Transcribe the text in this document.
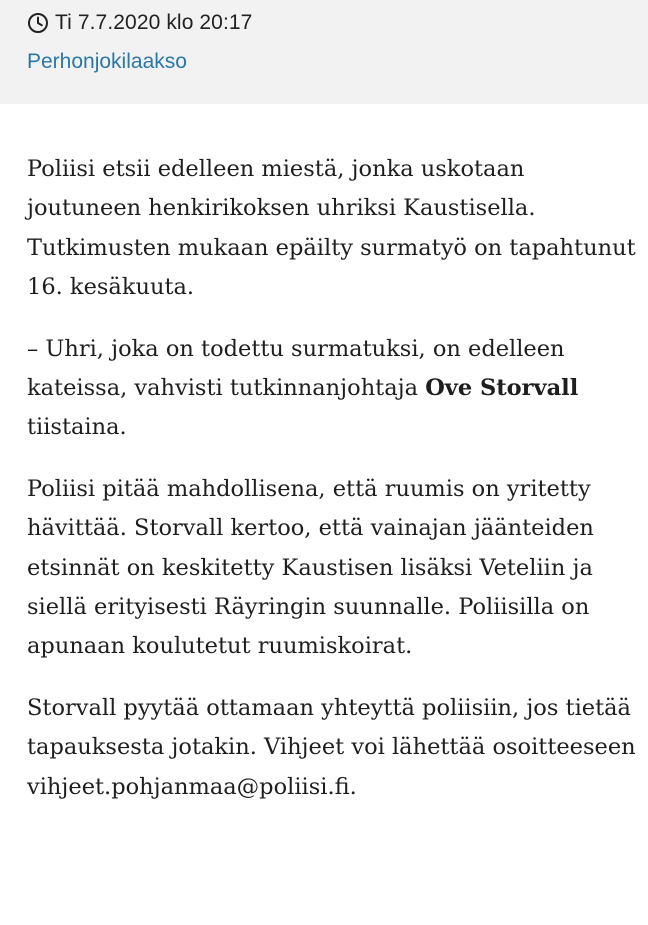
Ti 7.7.2020 klo 20:17
Perhonjokilaakso

Poliisi etsii edelleen miestä, jonka uskotaan joutuneen henkirikoksen uhriksi Kaustisella. Tutkimusten mukaan epäilty surmatyö on tapahtunut 16. kesäkuuta.

– Uhri, joka on todettu surmatuksi, on edelleen kateissa, vahvisti tutkinnanjohtaja Ove Storvall tiistaina.

Poliisi pitää mahdollisena, että ruumis on yritetty hävittää. Storvall kertoo, että vainajan jäänteiden etsinnät on keskitetty Kaustisen lisäksi Veteliin ja siellä erityisesti Räyringin suunnalle. Poliisilla on apunaan koulutetut ruumiskoirat.

Storvall pyytää ottamaan yhteyttä poliisiin, jos tietää tapauksesta jotakin. Vihjeet voi lähettää osoitteeseen vihjeet.pohjanmaa@poliisi.fi.
